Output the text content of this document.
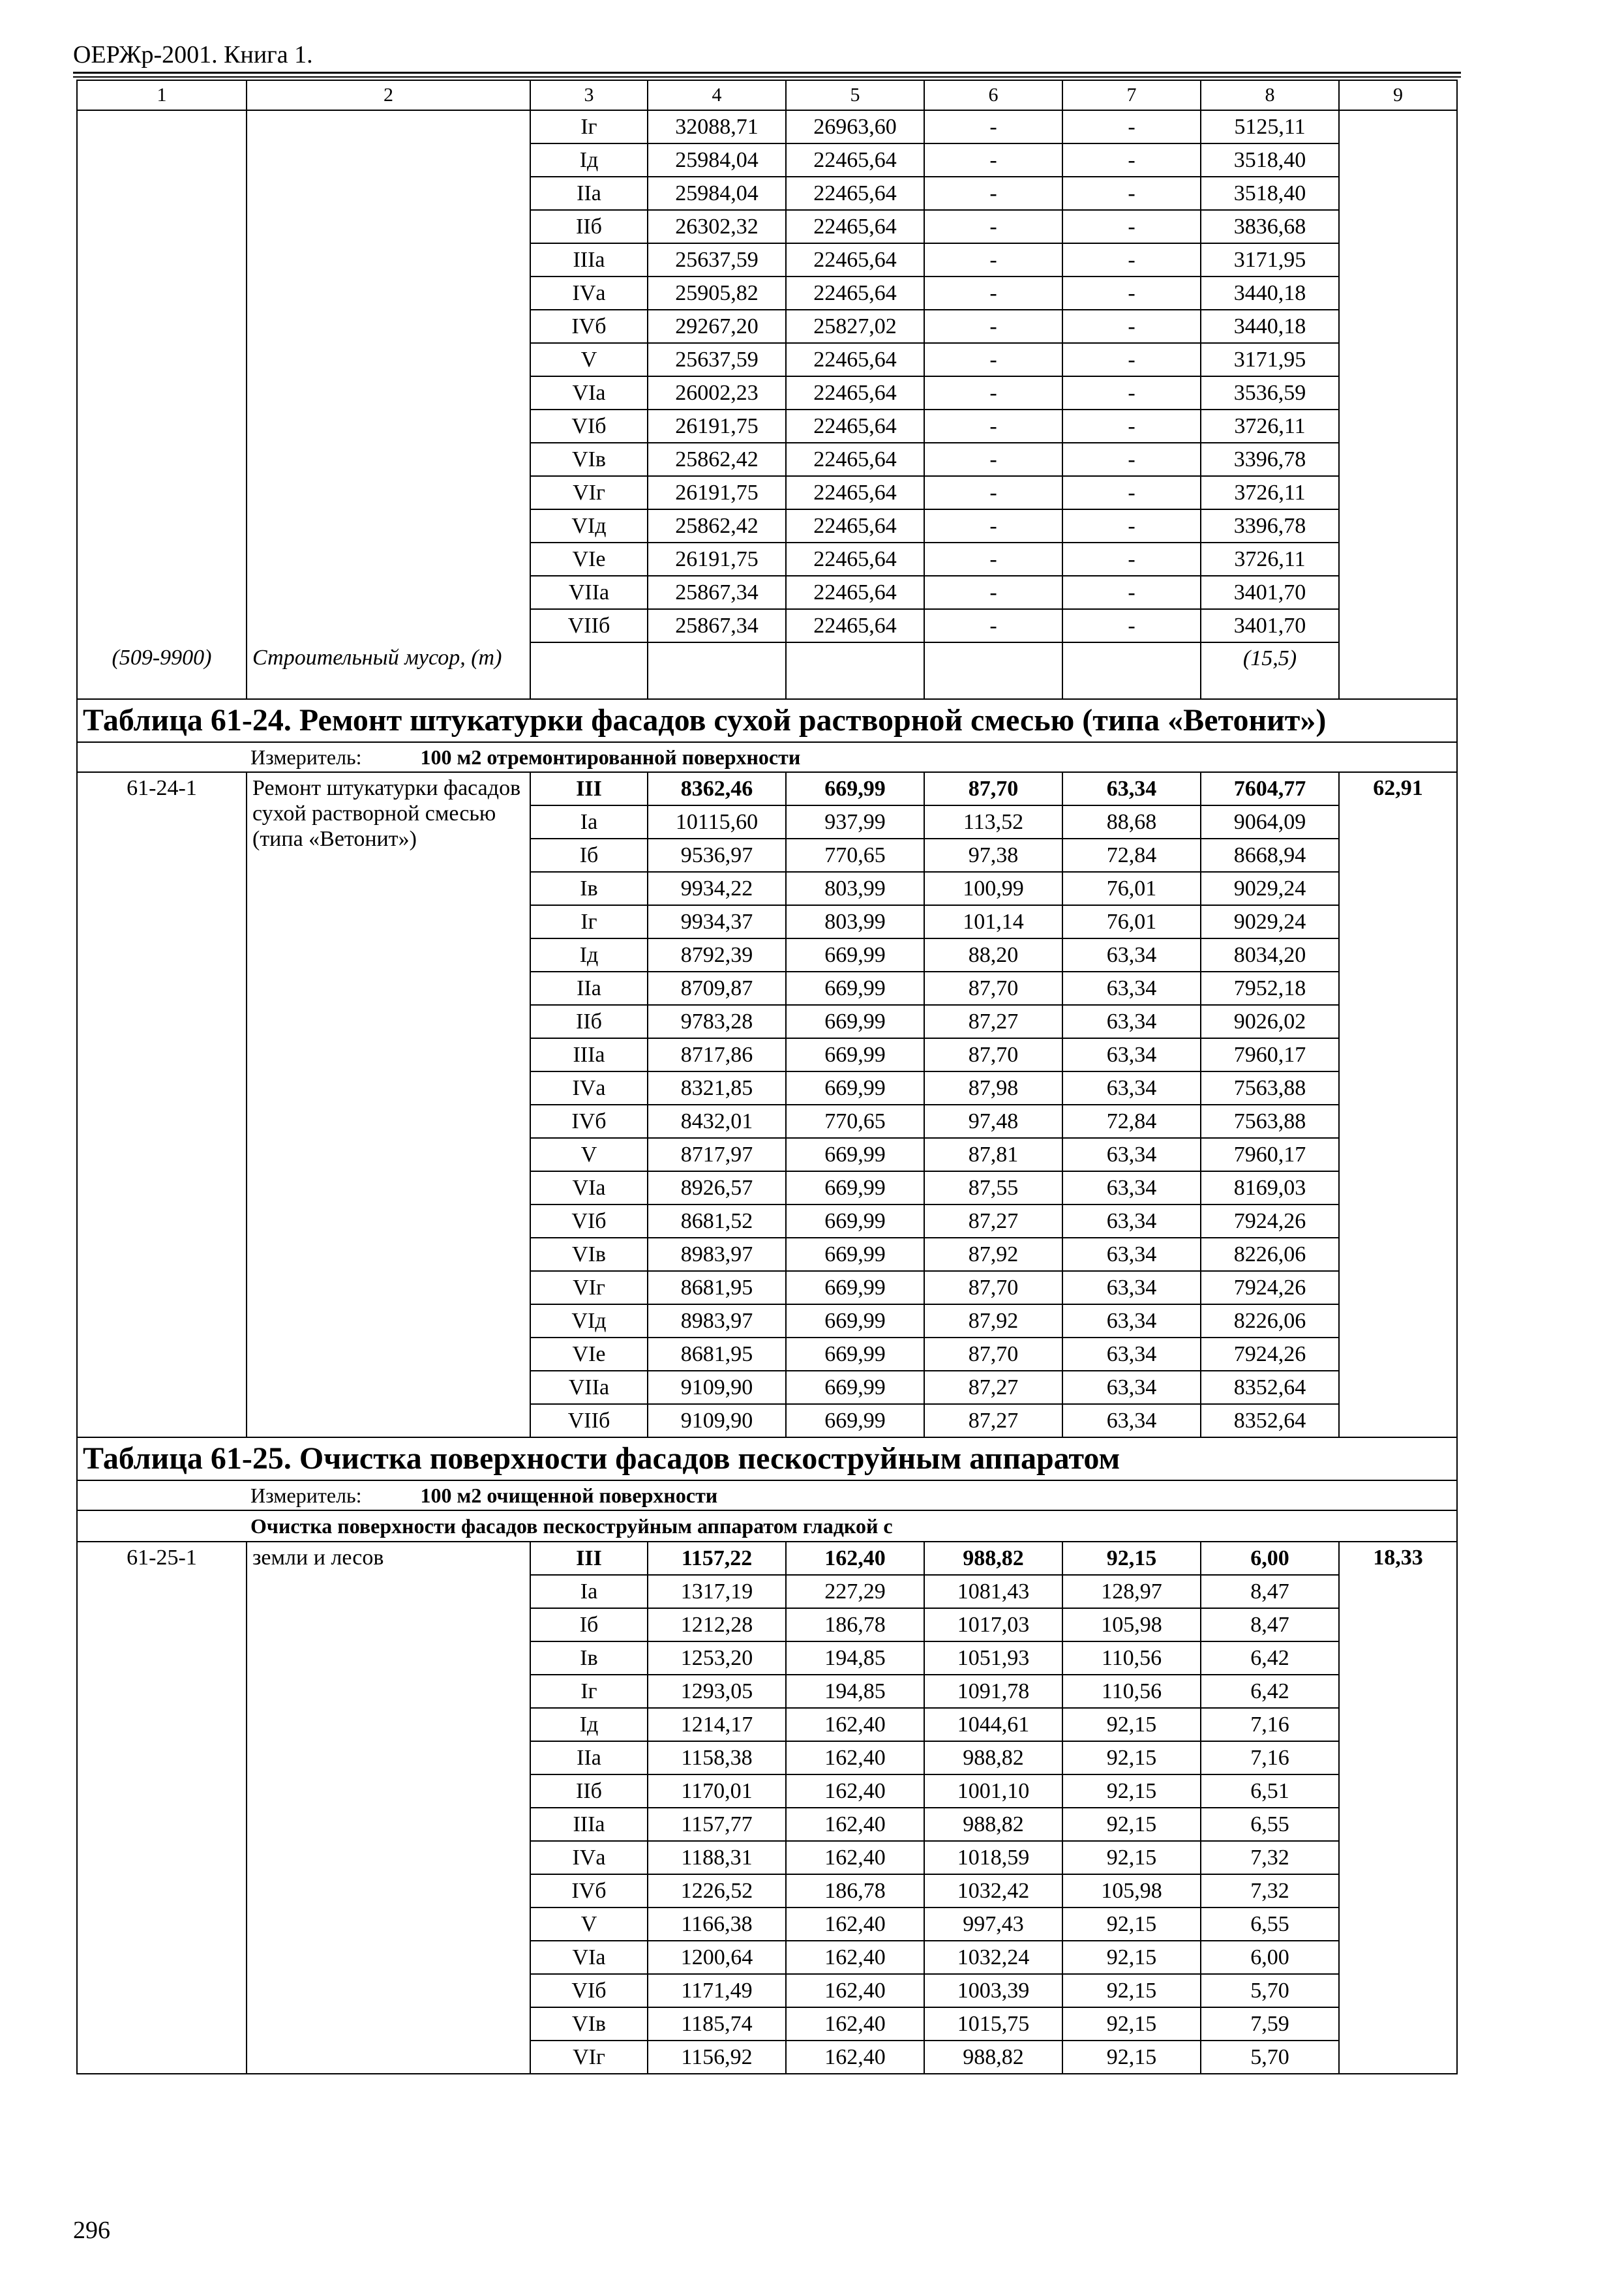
ОЕРЖр-2001. Книга 1.
1	2	3	4	5	6	7	8	9
		Iг	32088,71	26963,60	-	-	5125,11	
		Iд	25984,04	22465,64	-	-	3518,40	
		IIа	25984,04	22465,64	-	-	3518,40	
		IIб	26302,32	22465,64	-	-	3836,68	
		IIIа	25637,59	22465,64	-	-	3171,95	
		IVа	25905,82	22465,64	-	-	3440,18	
		IVб	29267,20	25827,02	-	-	3440,18	
		V	25637,59	22465,64	-	-	3171,95	
		VIа	26002,23	22465,64	-	-	3536,59	
		VIб	26191,75	22465,64	-	-	3726,11	
		VIв	25862,42	22465,64	-	-	3396,78	
		VIг	26191,75	22465,64	-	-	3726,11	
		VIд	25862,42	22465,64	-	-	3396,78	
		VIе	26191,75	22465,64	-	-	3726,11	
		VIIа	25867,34	22465,64	-	-	3401,70	
		VIIб	25867,34	22465,64	-	-	3401,70	
(509-9900)	Строительный мусор, (т)						(15,5)	
Таблица 61-24. Ремонт штукатурки фасадов сухой растворной смесью (типа «Ветонит»)								
Измеритель: 100 м2 отремонтированной поверхности								
61-24-1	Ремонт штукатурки фасадов сухой растворной смесью (типа «Ветонит»)	III	8362,46	669,99	87,70	63,34	7604,77	62,91
		Iа	10115,60	937,99	113,52	88,68	9064,09	
		Iб	9536,97	770,65	97,38	72,84	8668,94	
		Iв	9934,22	803,99	100,99	76,01	9029,24	
		Iг	9934,37	803,99	101,14	76,01	9029,24	
		Iд	8792,39	669,99	88,20	63,34	8034,20	
		IIа	8709,87	669,99	87,70	63,34	7952,18	
		IIб	9783,28	669,99	87,27	63,34	9026,02	
		IIIа	8717,86	669,99	87,70	63,34	7960,17	
		IVа	8321,85	669,99	87,98	63,34	7563,88	
		IVб	8432,01	770,65	97,48	72,84	7563,88	
		V	8717,97	669,99	87,81	63,34	7960,17	
		VIа	8926,57	669,99	87,55	63,34	8169,03	
		VIб	8681,52	669,99	87,27	63,34	7924,26	
		VIв	8983,97	669,99	87,92	63,34	8226,06	
		VIг	8681,95	669,99	87,70	63,34	7924,26	
		VIд	8983,97	669,99	87,92	63,34	8226,06	
		VIе	8681,95	669,99	87,70	63,34	7924,26	
		VIIа	9109,90	669,99	87,27	63,34	8352,64	
		VIIб	9109,90	669,99	87,27	63,34	8352,64	
Таблица 61-25. Очистка поверхности фасадов пескоструйным аппаратом								
Измеритель: 100 м2 очищенной поверхности								
Очистка поверхности фасадов пескоструйным аппаратом гладкой с								
61-25-1	земли и лесов	III	1157,22	162,40	988,82	92,15	6,00	18,33
		Iа	1317,19	227,29	1081,43	128,97	8,47	
		Iб	1212,28	186,78	1017,03	105,98	8,47	
		Iв	1253,20	194,85	1051,93	110,56	6,42	
		Iг	1293,05	194,85	1091,78	110,56	6,42	
		Iд	1214,17	162,40	1044,61	92,15	7,16	
		IIа	1158,38	162,40	988,82	92,15	7,16	
		IIб	1170,01	162,40	1001,10	92,15	6,51	
		IIIа	1157,77	162,40	988,82	92,15	6,55	
		IVа	1188,31	162,40	1018,59	92,15	7,32	
		IVб	1226,52	186,78	1032,42	105,98	7,32	
		V	1166,38	162,40	997,43	92,15	6,55	
		VIа	1200,64	162,40	1032,24	92,15	6,00	
		VIб	1171,49	162,40	1003,39	92,15	5,70	
		VIв	1185,74	162,40	1015,75	92,15	7,59	
		VIг	1156,92	162,40	988,82	92,15	5,70	
296
